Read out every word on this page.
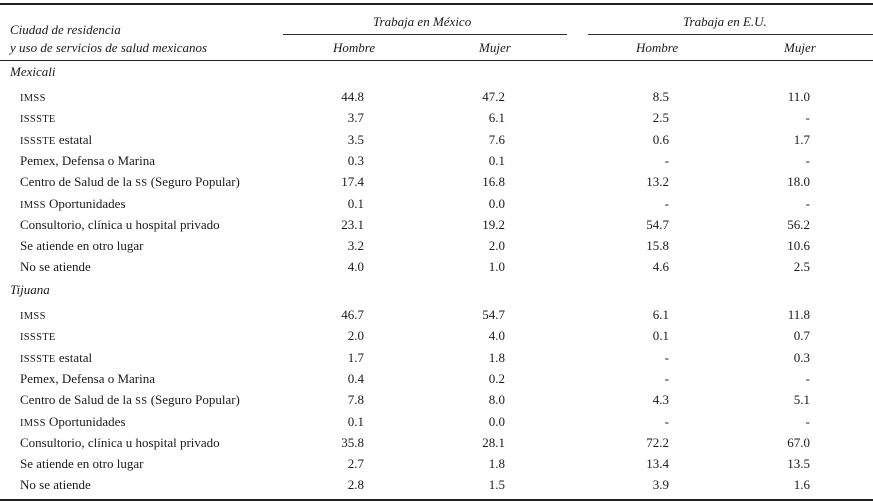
Ciudad de residencia
y uso de servicios de salud mexicanos
Trabaja en México	Trabaja en E.U.
Hombre	Mujer	Hombre	Mujer
Mexicali
IMSS	44.8	47.2	8.5	11.0
ISSSTE	3.7	6.1	2.5	-
ISSSTE estatal	3.5	7.6	0.6	1.7
Pemex, Defensa o Marina	0.3	0.1	-	-
Centro de Salud de la SS (Seguro Popular)	17.4	16.8	13.2	18.0
IMSS Oportunidades	0.1	0.0	-	-
Consultorio, clínica u hospital privado	23.1	19.2	54.7	56.2
Se atiende en otro lugar	3.2	2.0	15.8	10.6
No se atiende	4.0	1.0	4.6	2.5
Tijuana
IMSS	46.7	54.7	6.1	11.8
ISSSTE	2.0	4.0	0.1	0.7
ISSSTE estatal	1.7	1.8	-	0.3
Pemex, Defensa o Marina	0.4	0.2	-	-
Centro de Salud de la SS (Seguro Popular)	7.8	8.0	4.3	5.1
IMSS Oportunidades	0.1	0.0	-	-
Consultorio, clínica u hospital privado	35.8	28.1	72.2	67.0
Se atiende en otro lugar	2.7	1.8	13.4	13.5
No se atiende	2.8	1.5	3.9	1.6
